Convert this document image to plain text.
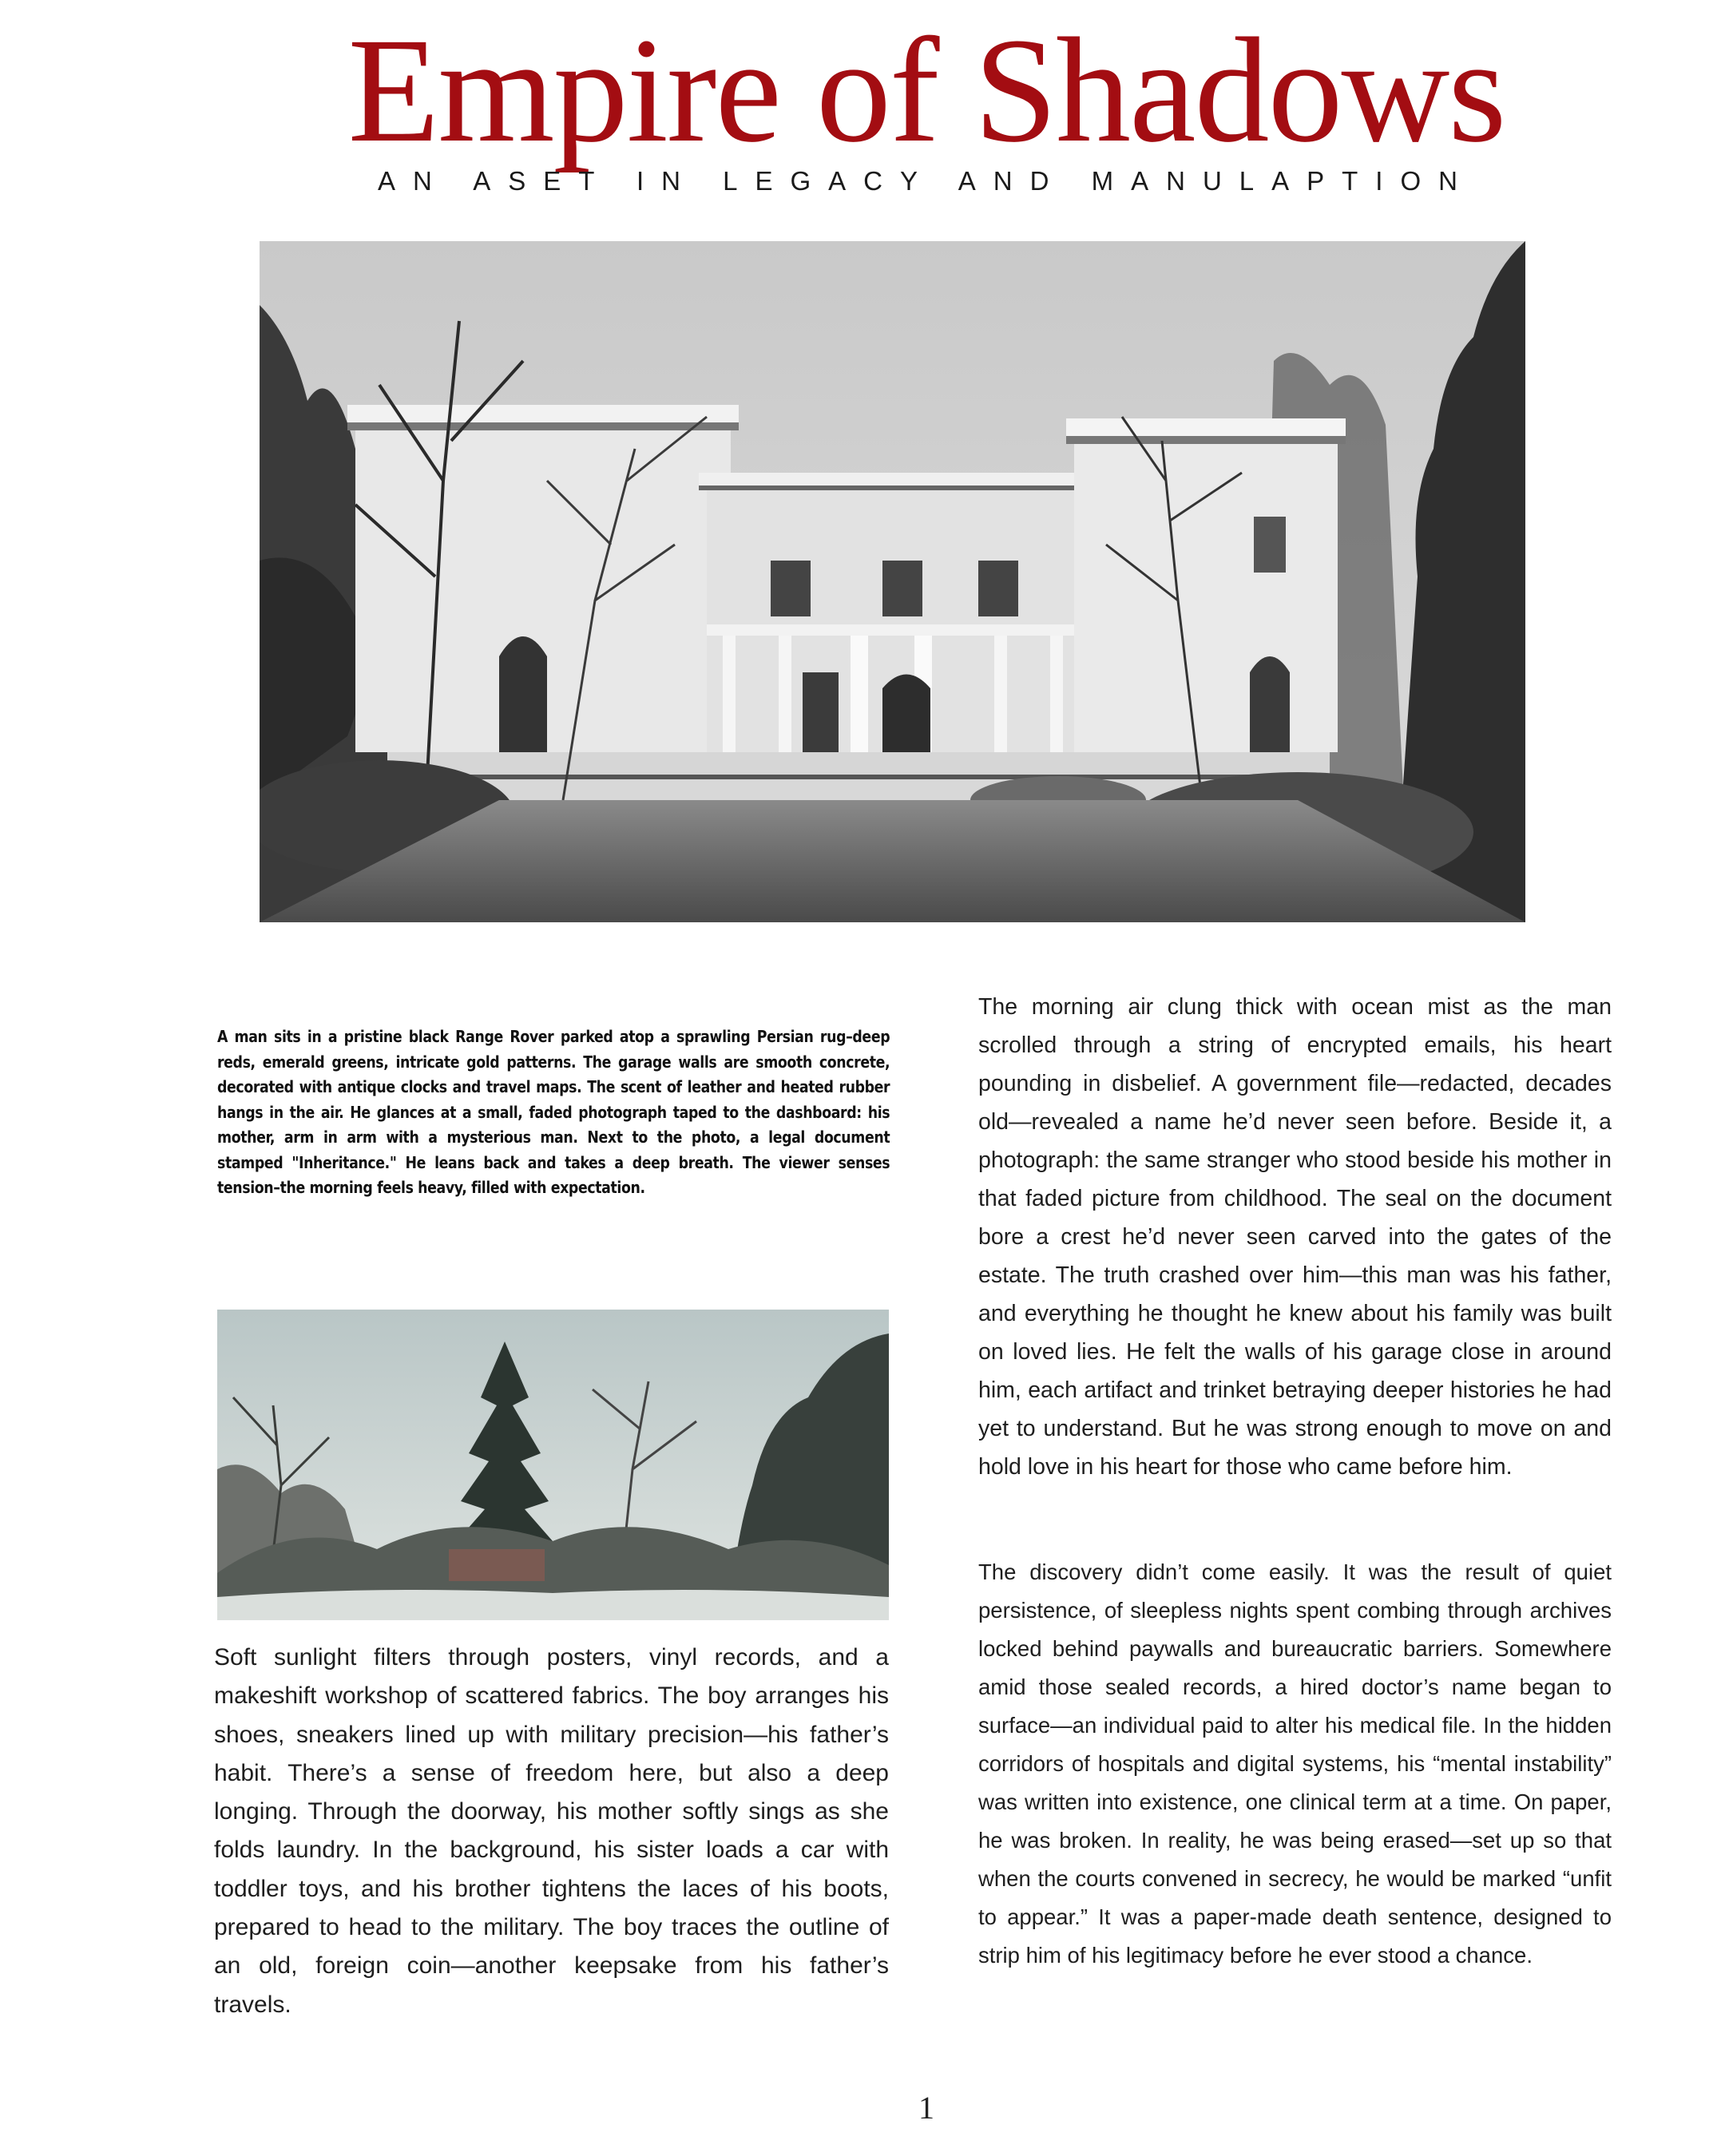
Empire of Shadows
AN ASET IN LEGACY AND MANULAPTION
A man sits in a pristine black Range Rover parked atop a sprawling Persian rug–deep reds, emerald greens, intricate gold patterns. The garage walls are smooth concrete, decorated with antique clocks and travel maps. The scent of leather and heated rubber hangs in the air. He glances at a small, faded photograph taped to the dashboard: his mother, arm in arm with a mysterious man. Next to the photo, a legal document stamped "Inheritance." He leans back and takes a deep breath. The viewer senses tension–the morning feels heavy, filled with expectation.
Soft sunlight filters through posters, vinyl records, and a makeshift workshop of scattered fabrics. The boy arranges his shoes, sneakers lined up with military precision—his father’s habit. There’s a sense of freedom here, but also a deep longing. Through the doorway, his mother softly sings as she folds laundry. In the background, his sister loads a car with toddler toys, and his brother tightens the laces of his boots, prepared to head to the military. The boy traces the outline of an old, foreign coin—another keepsake from his father’s travels.
The morning air clung thick with ocean mist as the man scrolled through a string of encrypted emails, his heart pounding in disbelief. A government file—redacted, decades old—revealed a name he’d never seen before. Beside it, a photograph: the same stranger who stood beside his mother in that faded picture from childhood. The seal on the document bore a crest he’d never seen carved into the gates of the estate. The truth crashed over him—this man was his father, and everything he thought he knew about his family was built on loved lies. He felt the walls of his garage close in around him, each artifact and trinket betraying deeper histories he had yet to understand. But he was strong enough to move on and hold love in his heart for those who came before him.
The discovery didn’t come easily. It was the result of quiet persistence, of sleepless nights spent combing through archives locked behind paywalls and bureaucratic barriers. Somewhere amid those sealed records, a hired doctor’s name began to surface—an individual paid to alter his medical file. In the hidden corridors of hospitals and digital systems, his “mental instability” was written into existence, one clinical term at a time. On paper, he was broken. In reality, he was being erased—set up so that when the courts convened in secrecy, he would be marked “unfit to appear.” It was a paper-made death sentence, designed to strip him of his legitimacy before he ever stood a chance.
1
